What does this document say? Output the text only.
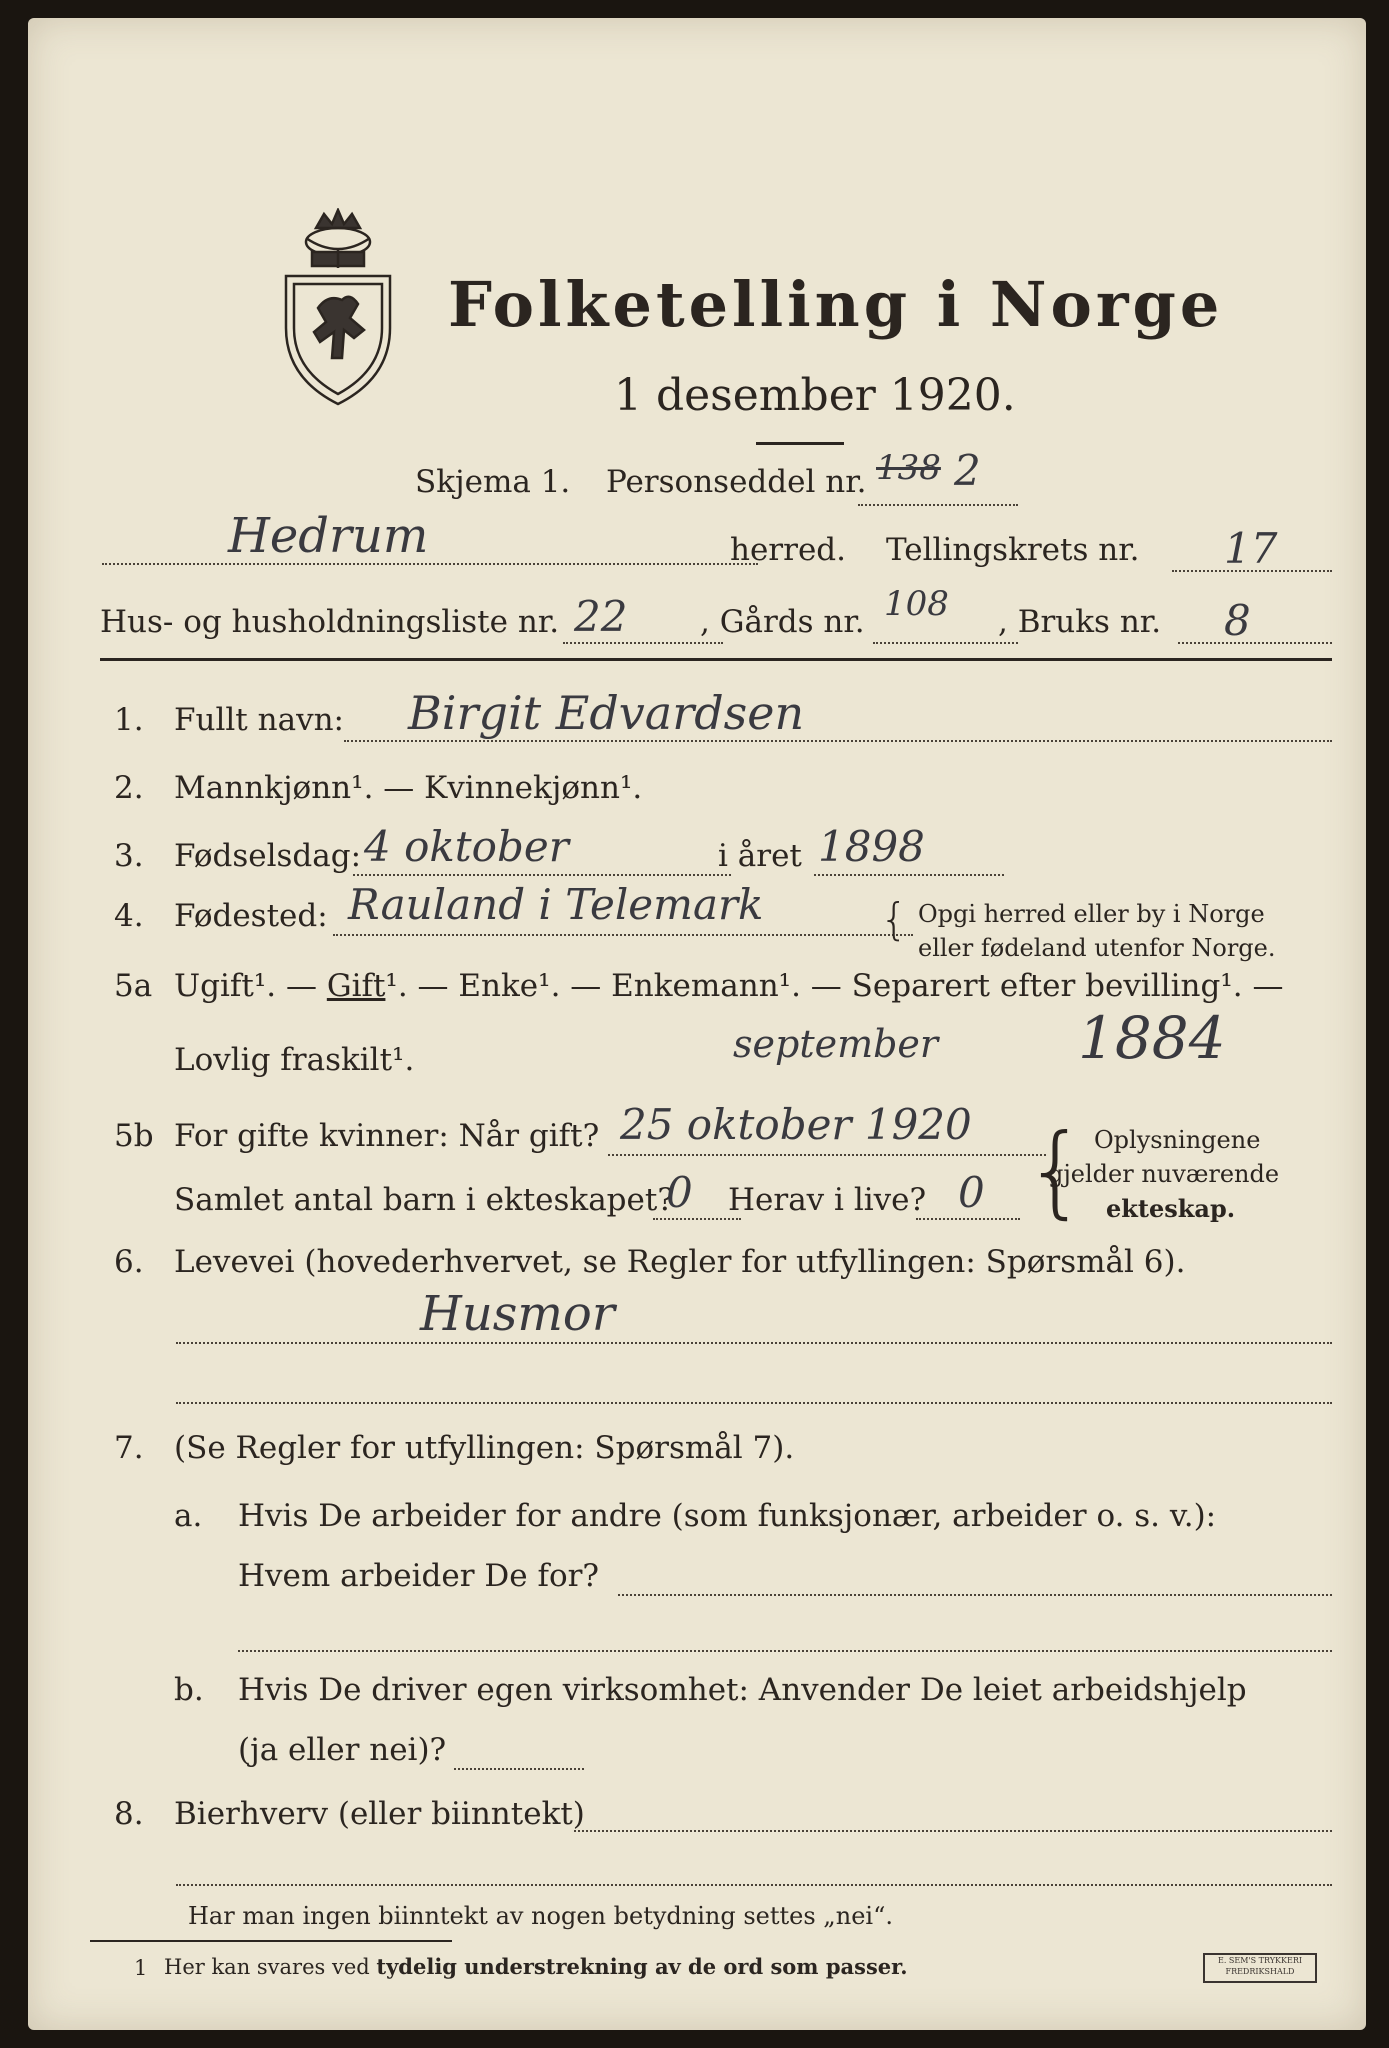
Folketelling i Norge
1 desember 1920.
Skjema 1. Personseddel nr. 138 2
Hedrum	herred. Tellingskrets nr. 17
Hus- og husholdningsliste nr. 22 , Gårds nr. 108 , Bruks nr. 8
1. Fullt navn: Birgit Edvardsen
2. Mannkjønn¹. — Kvinnekjønn¹.
3. Fødselsdag: 4 oktober	i året 1898
4. Fødested: Rauland i Telemark	{ Opgi herred eller by i Norge
eller fødeland utenfor Norge.
5a Ugift¹. — Gift¹. — Enke¹. — Enkemann¹. — Separert efter bevilling¹. —
Lovlig fraskilt¹.	september 1884
5b For gifte kvinner: Når gift? 25 oktober 1920
Samlet antal barn i ekteskapet?
0 Herav i live? 0 { Oplysningene
gjelder nuværende
ekteskap.
6. Levevei (hovederhvervet, se Regler for utfyllingen: Spørsmål 6).
Husmor
7. (Se Regler for utfyllingen: Spørsmål 7).
a. Hvis De arbeider for andre (som funksjonær, arbeider o. s. v.):
Hvem arbeider De for?
b. Hvis De driver egen virksomhet: Anvender De leiet arbeidshjelp
(ja eller nei)?
8. Bierhverv (eller biinntekt)
Har man ingen biinntekt av nogen betydning settes „nei“.
1 Her kan svares ved tydelig understrekning av de ord som passer.	E. SEM'S TRYKKERI
FREDRIKSHALD
